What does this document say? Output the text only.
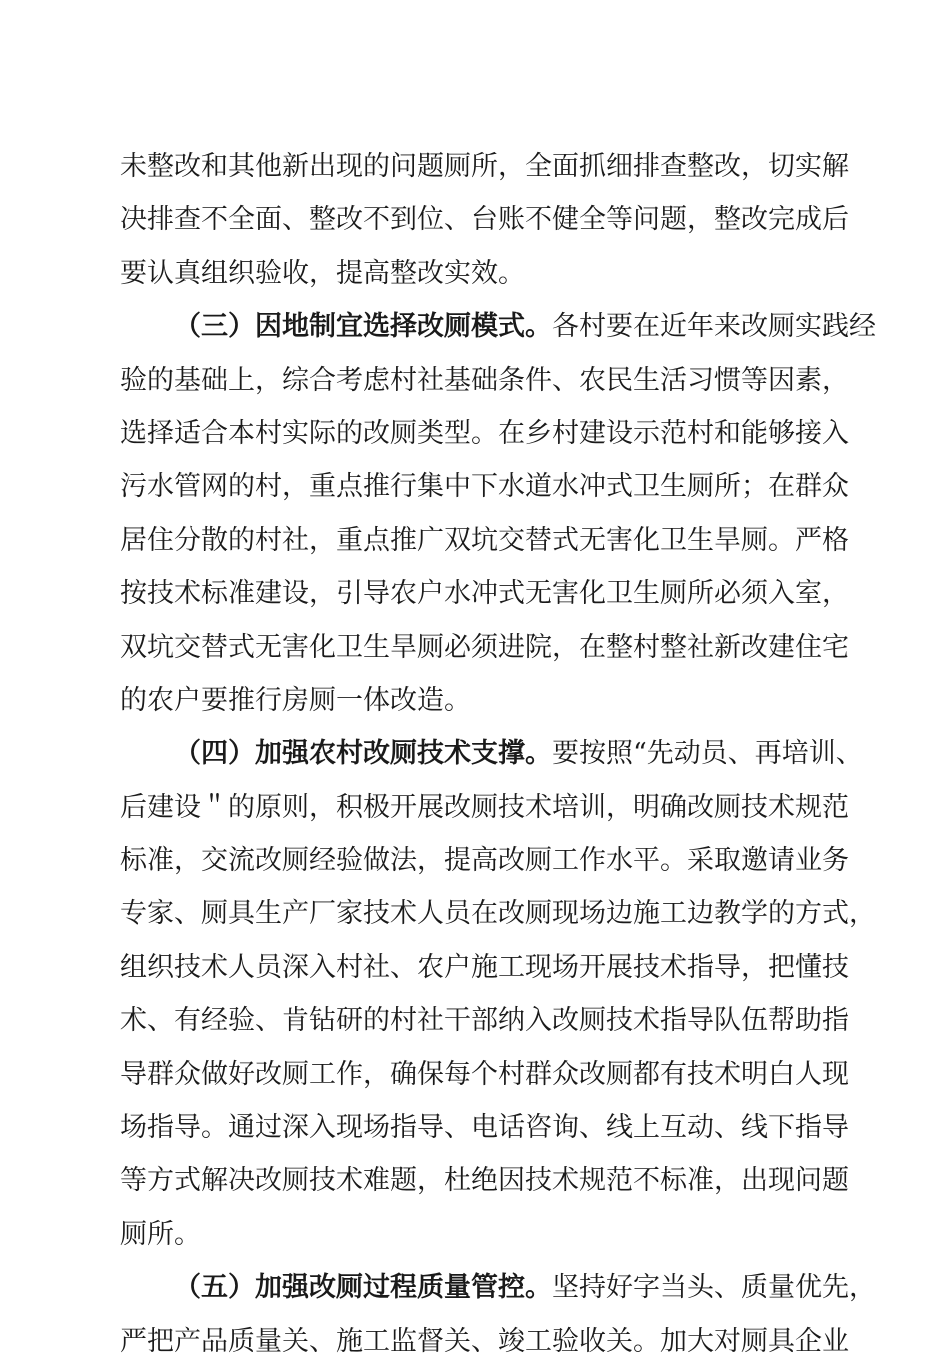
未整改和其他新出现的问题厕所，全面抓细排查整改，切实解
决排查不全面、整改不到位、台账不健全等问题，整改完成后
要认真组织验收，提高整改实效。
（三）因地制宜选择改厕模式。各村要在近年来改厕实践经
验的基础上，综合考虑村社基础条件、农民生活习惯等因素，
选择适合本村实际的改厕类型。在乡村建设示范村和能够接入
污水管网的村，重点推行集中下水道水冲式卫生厕所；在群众
居住分散的村社，重点推广双坑交替式无害化卫生旱厕。严格
按技术标准建设，引导农户水冲式无害化卫生厕所必须入室，
双坑交替式无害化卫生旱厕必须进院，在整村整社新改建住宅
的农户要推行房厕一体改造。
（四）加强农村改厕技术支撑。要按照“先动员、再培训、
后建设＂的原则，积极开展改厕技术培训，明确改厕技术规范
标准，交流改厕经验做法，提高改厕工作水平。采取邀请业务
专家、厕具生产厂家技术人员在改厕现场边施工边教学的方式，
组织技术人员深入村社、农户施工现场开展技术指导，把懂技
术、有经验、肯钻研的村社干部纳入改厕技术指导队伍帮助指
导群众做好改厕工作，确保每个村群众改厕都有技术明白人现
场指导。通过深入现场指导、电话咨询、线上互动、线下指导
等方式解决改厕技术难题，杜绝因技术规范不标准，出现问题
厕所。
（五）加强改厕过程质量管控。坚持好字当头、质量优先，
严把产品质量关、施工监督关、竣工验收关。加大对厕具企业
